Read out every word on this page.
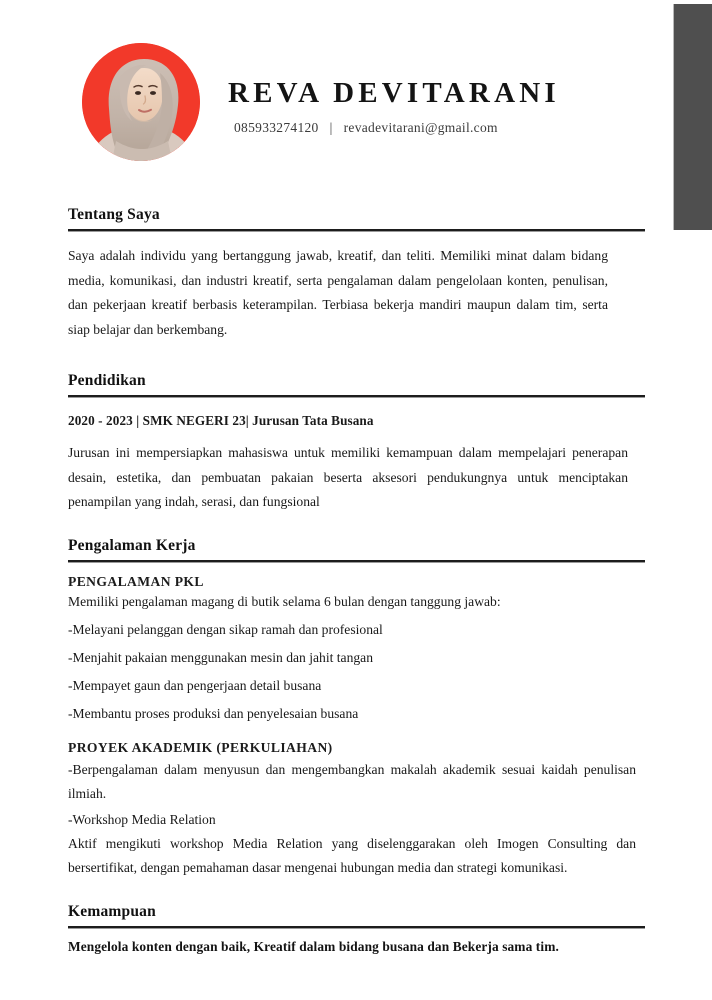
REVA DEVITARANI
085933274120 | revadevitarani@gmail.com
Tentang Saya

Saya adalah individu yang bertanggung jawab, kreatif, dan teliti. Memiliki minat dalam bidang media, komunikasi, dan industri kreatif, serta pengalaman dalam pengelolaan konten, penulisan, dan pekerjaan kreatif berbasis keterampilan. Terbiasa bekerja mandiri maupun dalam tim, serta siap belajar dan berkembang.

Pendidikan
2020 - 2023 | SMK NEGERI 23| Jurusan Tata Busana

Jurusan ini mempersiapkan mahasiswa untuk memiliki kemampuan dalam mempelajari penerapan desain, estetika, dan pembuatan pakaian beserta aksesori pendukungnya untuk menciptakan penampilan yang indah, serasi, dan fungsional

Pengalaman Kerja
PENGALAMAN PKL

Memiliki pengalaman magang di butik selama 6 bulan dengan tanggung jawab:

-Melayani pelanggan dengan sikap ramah dan profesional

-Menjahit pakaian menggunakan mesin dan jahit tangan

-Mempayet gaun dan pengerjaan detail busana

-Membantu proses produksi dan penyelesaian busana

PROYEK AKADEMIK (PERKULIAHAN)

-Berpengalaman dalam menyusun dan mengembangkan makalah akademik sesuai kaidah penulisan ilmiah.

-Workshop Media Relation

Aktif mengikuti workshop Media Relation yang diselenggarakan oleh Imogen Consulting dan bersertifikat, dengan pemahaman dasar mengenai hubungan media dan strategi komunikasi.

Kemampuan

Mengelola konten dengan baik, Kreatif dalam bidang busana dan Bekerja sama tim.
